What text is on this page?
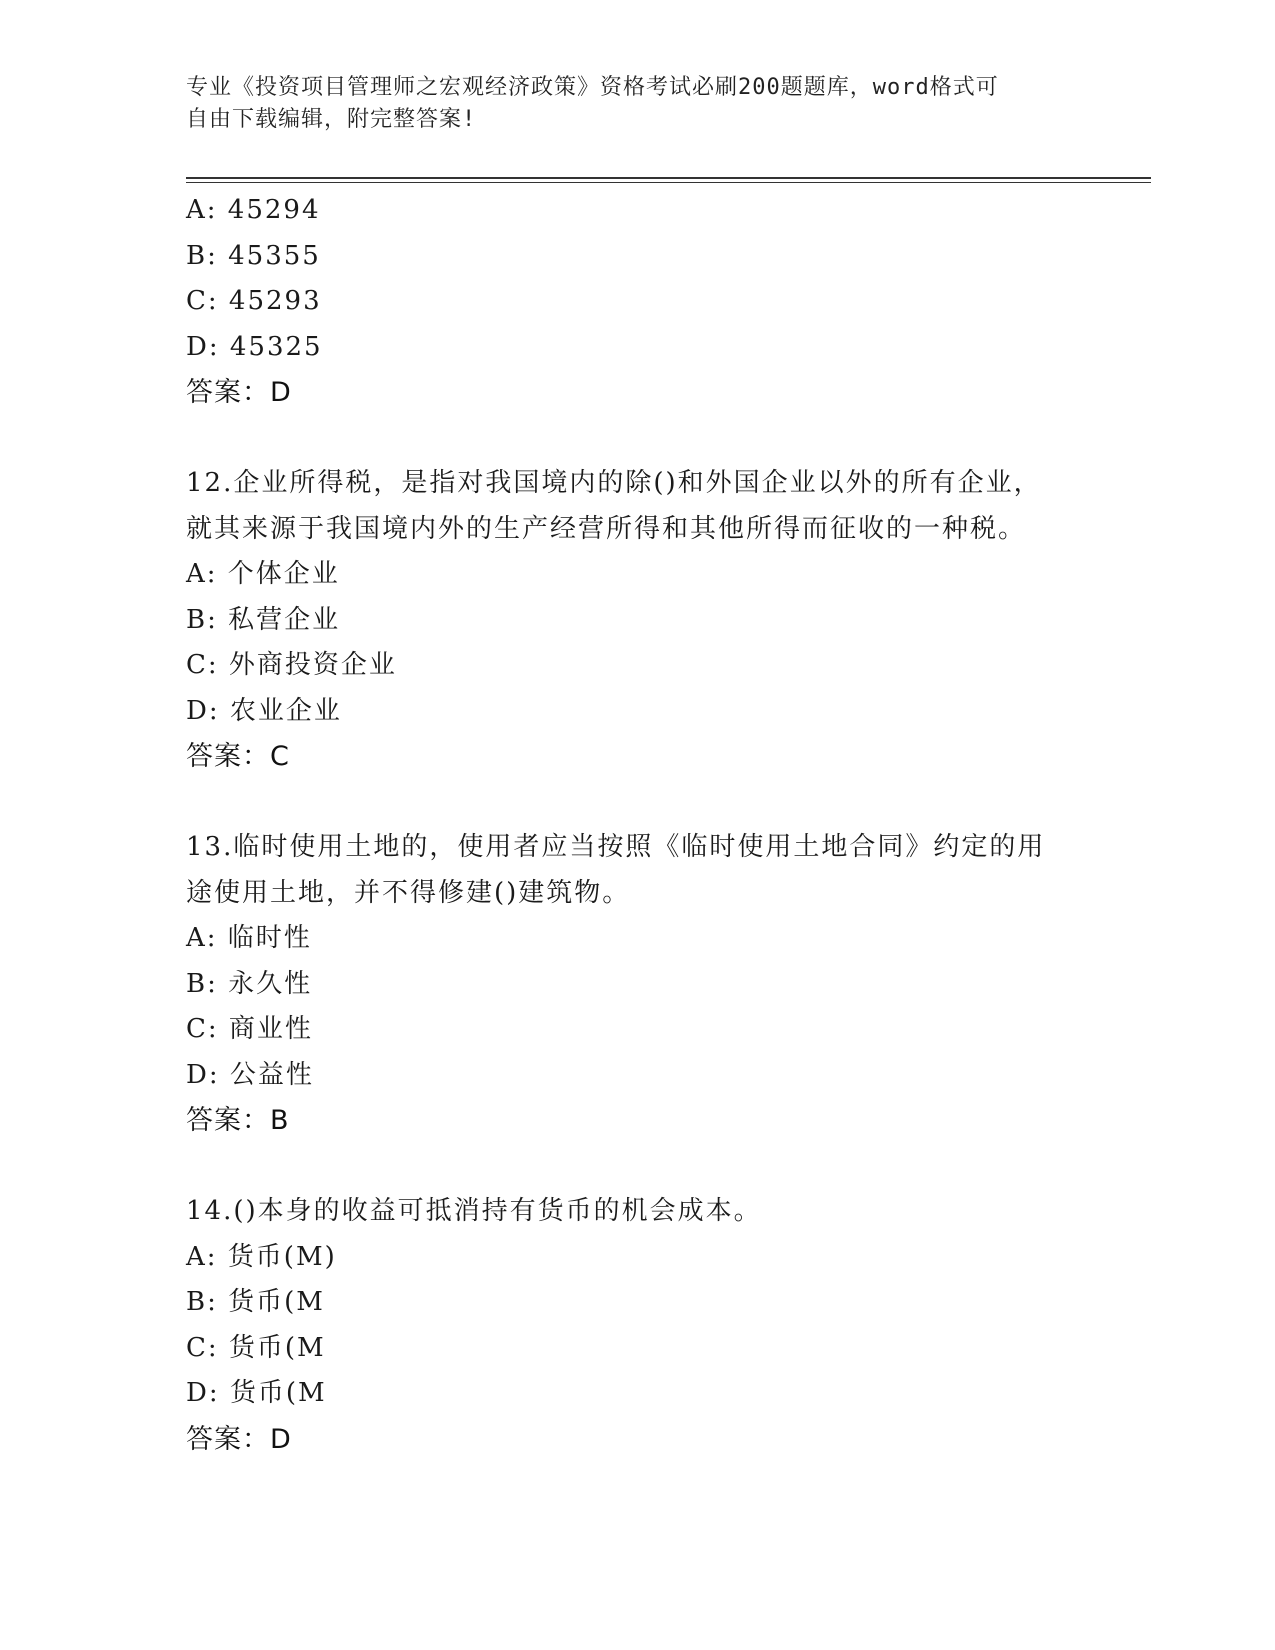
专业《投资项目管理师之宏观经济政策》资格考试必刷200题题库，word格式可
自由下载编辑，附完整答案!
A: 45294
B: 45355
C: 45293
D: 45325
答案：D
12.企业所得税，是指对我国境内的除()和外国企业以外的所有企业，就其来源于我国境内外的生产经营所得和其他所得而征收的一种税。
A: 个体企业
B: 私营企业
C: 外商投资企业
D: 农业企业
答案：C
13.临时使用土地的，使用者应当按照《临时使用土地合同》约定的用途使用土地，并不得修建()建筑物。
A: 临时性
B: 永久性
C: 商业性
D: 公益性
答案：B
14.()本身的收益可抵消持有货币的机会成本。
A: 货币(M)
B: 货币(M
C: 货币(M
D: 货币(M
答案：D
